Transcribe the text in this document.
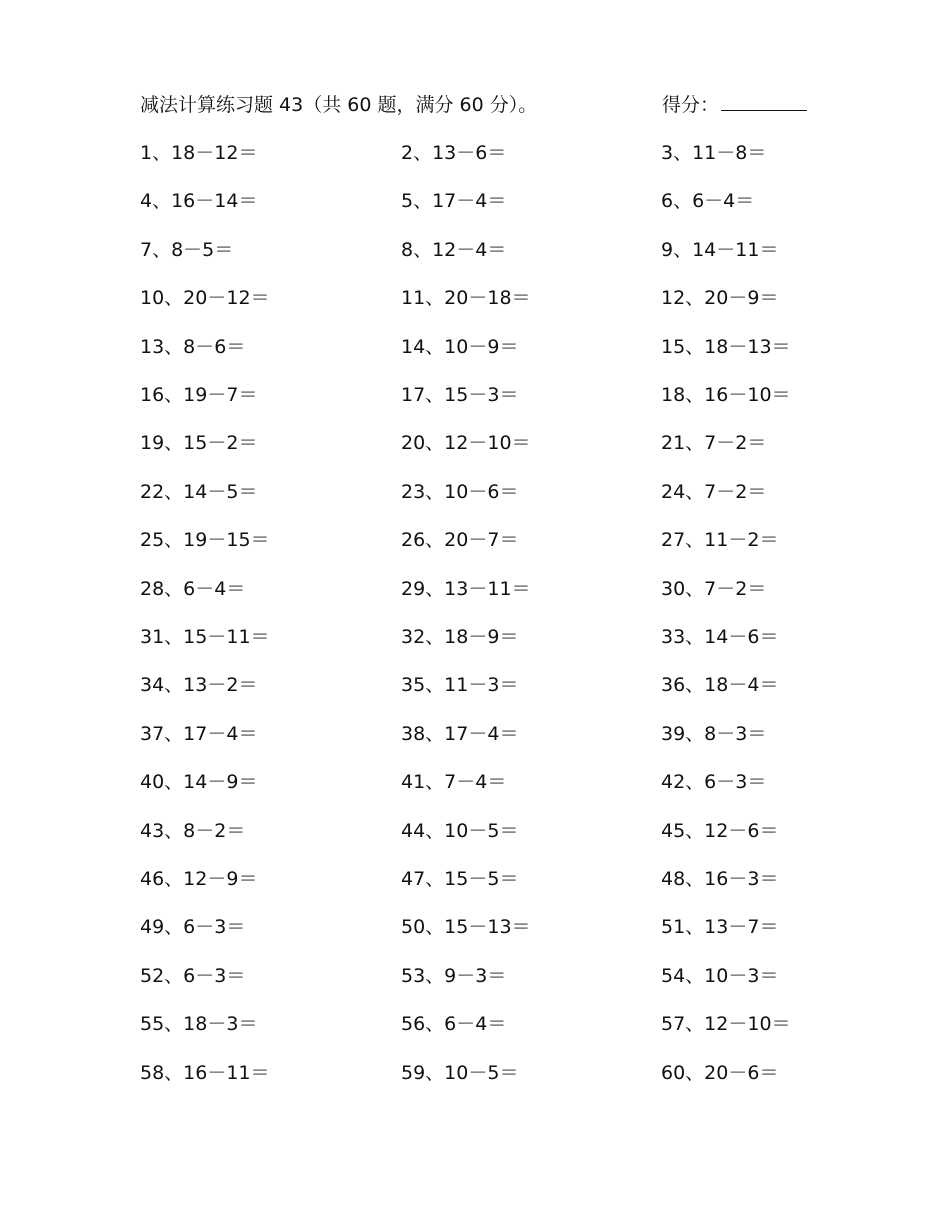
减法计算练习题 43（共 60 题，满分 60 分）。	得分：
1、18－12＝	2、13－6＝	3、11－8＝
4、16－14＝	5、17－4＝	6、6－4＝
7、8－5＝	8、12－4＝	9、14－11＝
10、20－12＝	11、20－18＝	12、20－9＝
13、8－6＝	14、10－9＝	15、18－13＝
16、19－7＝	17、15－3＝	18、16－10＝
19、15－2＝	20、12－10＝	21、7－2＝
22、14－5＝	23、10－6＝	24、7－2＝
25、19－15＝	26、20－7＝	27、11－2＝
28、6－4＝	29、13－11＝	30、7－2＝
31、15－11＝	32、18－9＝	33、14－6＝
34、13－2＝	35、11－3＝	36、18－4＝
37、17－4＝	38、17－4＝	39、8－3＝
40、14－9＝	41、7－4＝	42、6－3＝
43、8－2＝	44、10－5＝	45、12－6＝
46、12－9＝	47、15－5＝	48、16－3＝
49、6－3＝	50、15－13＝	51、13－7＝
52、6－3＝	53、9－3＝	54、10－3＝
55、18－3＝	56、6－4＝	57、12－10＝
58、16－11＝	59、10－5＝	60、20－6＝
